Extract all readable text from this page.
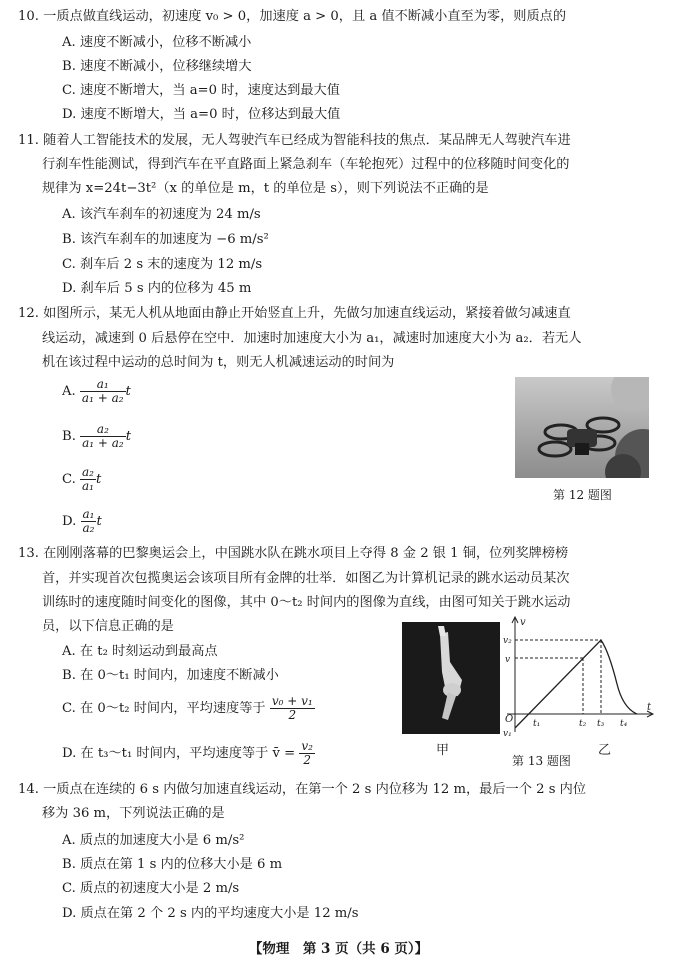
10. 一质点做直线运动，初速度 v₀ > 0，加速度 a > 0，且 a 值不断减小直至为零，则质点的
A. 速度不断减小，位移不断减小
B. 速度不断减小，位移继续增大
C. 速度不断增大，当 a=0 时，速度达到最大值
D. 速度不断增大，当 a=0 时，位移达到最大值
11. 随着人工智能技术的发展，无人驾驶汽车已经成为智能科技的焦点．某品牌无人驾驶汽车进
行刹车性能测试，得到汽车在平直路面上紧急刹车（车轮抱死）过程中的位移随时间变化的
规律为 x=24t−3t²（x 的单位是 m，t 的单位是 s），则下列说法不正确的是
A. 该汽车刹车的初速度为 24 m/s
B. 该汽车刹车的加速度为 −6 m/s²
C. 刹车后 2 s 末的速度为 12 m/s
D. 刹车后 5 s 内的位移为 45 m
12. 如图所示，某无人机从地面由静止开始竖直上升，先做匀加速直线运动，紧接着做匀减速直
线运动，减速到 0 后悬停在空中．加速时加速度大小为 a₁，减速时加速度大小为 a₂．若无人
机在该过程中运动的总时间为 t，则无人机减速运动的时间为
A. $\frac{\text{a₁}}{\text{a₁ + a₂}}$ t
B. $\frac{\text{a₂}}{\text{a₁ + a₂}}$ t
C. $\frac{\text{a₂}}{\text{a₁}}$ t
D. $\frac{\text{a₁}}{\text{a₂}}$ t
第 12 题图
13. 在刚刚落幕的巴黎奥运会上，中国跳水队在跳水项目上夺得 8 金 2 银 1 铜，位列奖牌榜榜
首，并实现首次包揽奥运会该项目所有金牌的壮举．如图乙为计算机记录的跳水运动员某次
训练时的速度随时间变化的图像，其中 0～t₂ 时间内的图像为直线，由图可知关于跳水运动
员，以下信息正确的是
A. 在 t₂ 时刻运动到最高点
B. 在 0～t₁ 时间内，加速度不断减小
C. 在 0～t₂ 时间内，平均速度等于 $\frac{\text{v₀ + v₁}}{2}$
D. 在 t₃～t₁ 时间内，平均速度等于 v̄ = $\frac{\text{v₂}}{2}$	甲
v
t
O
v₂
v
v₁
t₁	t₂ t₃ t₄
乙
第 13 题图
14. 一质点在连续的 6 s 内做匀加速直线运动，在第一个 2 s 内位移为 12 m，最后一个 2 s 内位
移为 36 m，下列说法正确的是
A. 质点的加速度大小是 6 m/s²
B. 质点在第 1 s 内的位移大小是 6 m
C. 质点的初速度大小是 2 m/s
D. 质点在第 2 个 2 s 内的平均速度大小是 12 m/s
【物理　第 3 页（共 6 页）】
